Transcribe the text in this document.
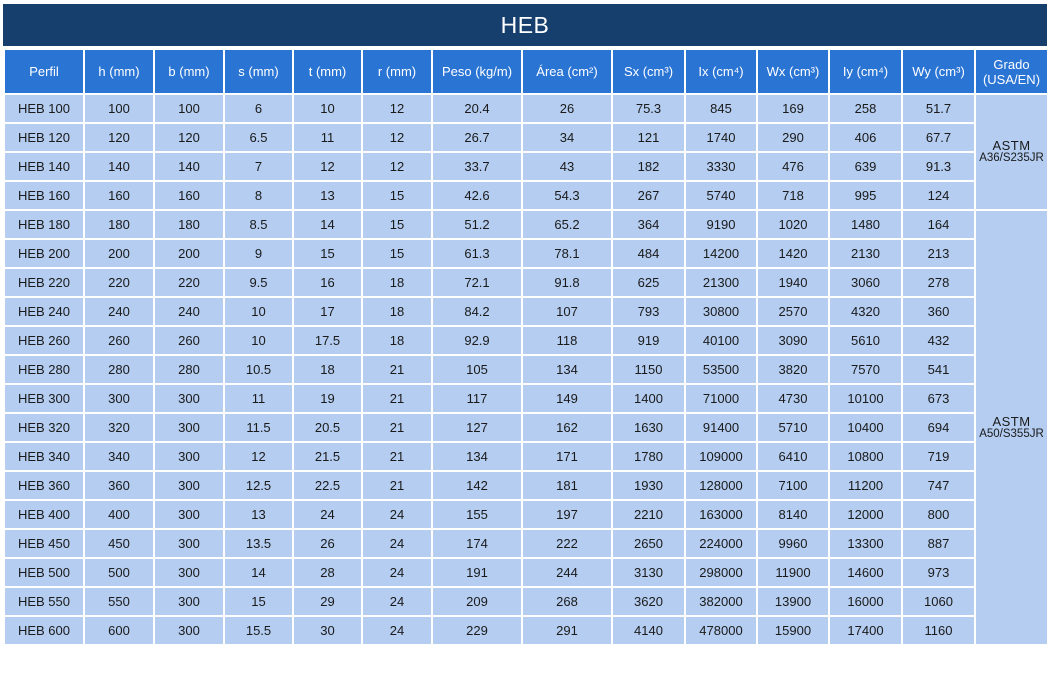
HEB
Perfil	h (mm)	b (mm)	s (mm)	t (mm)	r (mm)	Peso (kg/m)	Área (cm²)	Sx (cm³)	Ix (cm⁴)	Wx (cm³)	Iy (cm⁴)	Wy (cm³)	Grado (USA/EN)
HEB 100	100	100	6	10	12	20.4	26	75.3	845	169	258	51.7	ASTM
A36/S235JR
HEB 120	120	120	6.5	11	12	26.7	34	121	1740	290	406	67.7	
HEB 140	140	140	7	12	12	33.7	43	182	3330	476	639	91.3	
HEB 160	160	160	8	13	15	42.6	54.3	267	5740	718	995	124	
HEB 180	180	180	8.5	14	15	51.2	65.2	364	9190	1020	1480	164	ASTM
A50/S355JR
HEB 200	200	200	9	15	15	61.3	78.1	484	14200	1420	2130	213	
HEB 220	220	220	9.5	16	18	72.1	91.8	625	21300	1940	3060	278	
HEB 240	240	240	10	17	18	84.2	107	793	30800	2570	4320	360	
HEB 260	260	260	10	17.5	18	92.9	118	919	40100	3090	5610	432	
HEB 280	280	280	10.5	18	21	105	134	1150	53500	3820	7570	541	
HEB 300	300	300	11	19	21	117	149	1400	71000	4730	10100	673	
HEB 320	320	300	11.5	20.5	21	127	162	1630	91400	5710	10400	694	
HEB 340	340	300	12	21.5	21	134	171	1780	109000	6410	10800	719	
HEB 360	360	300	12.5	22.5	21	142	181	1930	128000	7100	11200	747	
HEB 400	400	300	13	24	24	155	197	2210	163000	8140	12000	800	
HEB 450	450	300	13.5	26	24	174	222	2650	224000	9960	13300	887	
HEB 500	500	300	14	28	24	191	244	3130	298000	11900	14600	973	
HEB 550	550	300	15	29	24	209	268	3620	382000	13900	16000	1060	
HEB 600	600	300	15.5	30	24	229	291	4140	478000	15900	17400	1160	
